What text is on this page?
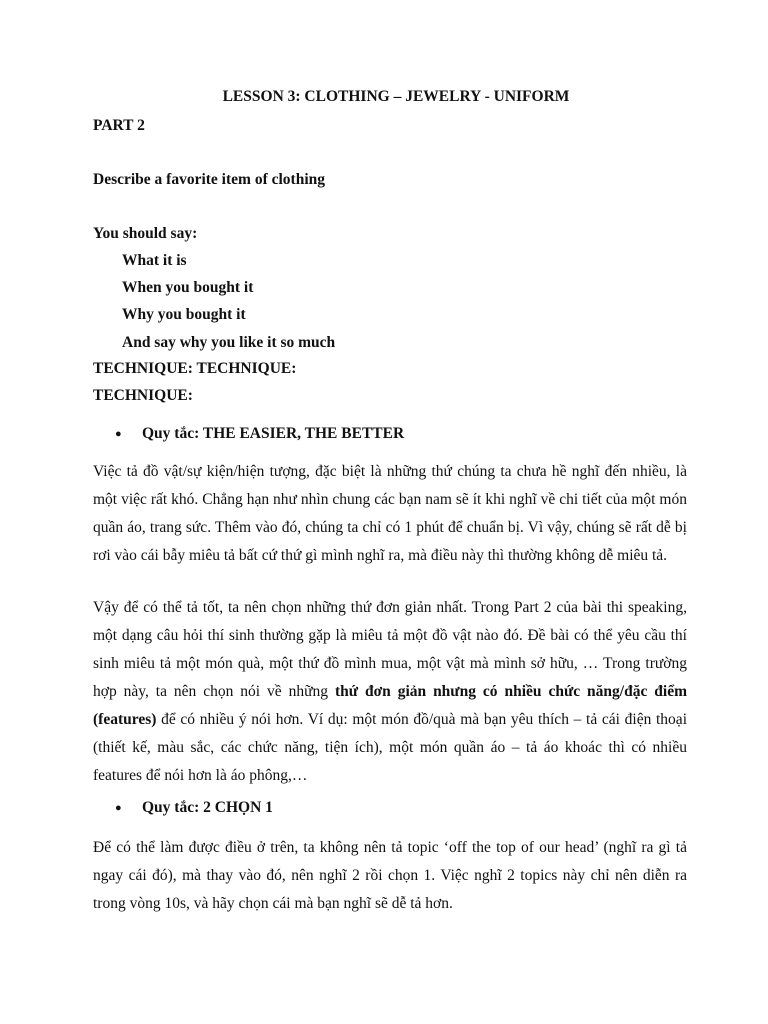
LESSON 3: CLOTHING – JEWELRY - UNIFORM
PART 2
Describe a favorite item of clothing
You should say:
What it is
When you bought it
Why you bought it
And say why you like it so much
TECHNIQUE: TECHNIQUE:
TECHNIQUE:
● Quy tắc: THE EASIER, THE BETTER

Việc tả đồ vật/sự kiện/hiện tượng, đặc biệt là những thứ chúng ta chưa hề nghĩ đến nhiều, là một việc rất khó. Chẳng hạn như nhìn chung các bạn nam sẽ ít khi nghĩ về chi tiết của một món quần áo, trang sức. Thêm vào đó, chúng ta chỉ có 1 phút để chuẩn bị. Vì vậy, chúng sẽ rất dễ bị rơi vào cái bẫy miêu tả bất cứ thứ gì mình nghĩ ra, mà điều này thì thường không dễ miêu tả.

Vậy để có thể tả tốt, ta nên chọn những thứ đơn giản nhất. Trong Part 2 của bài thi speaking, một dạng câu hỏi thí sinh thường gặp là miêu tả một đồ vật nào đó. Đề bài có thể yêu cầu thí sinh miêu tả một món quà, một thứ đồ mình mua, một vật mà mình sở hữu, … Trong trường hợp này, ta nên chọn nói về những thứ đơn giản nhưng có nhiều chức năng/đặc điểm (features) để có nhiều ý nói hơn. Ví dụ: một món đồ/quà mà bạn yêu thích – tả cái điện thoại (thiết kế, màu sắc, các chức năng, tiện ích), một món quần áo – tả áo khoác thì có nhiều features để nói hơn là áo phông,…

● Quy tắc: 2 CHỌN 1

Để có thể làm được điều ở trên, ta không nên tả topic ‘off the top of our head’ (nghĩ ra gì tả ngay cái đó), mà thay vào đó, nên nghĩ 2 rồi chọn 1. Việc nghĩ 2 topics này chỉ nên diễn ra trong vòng 10s, và hãy chọn cái mà bạn nghĩ sẽ dễ tả hơn.
